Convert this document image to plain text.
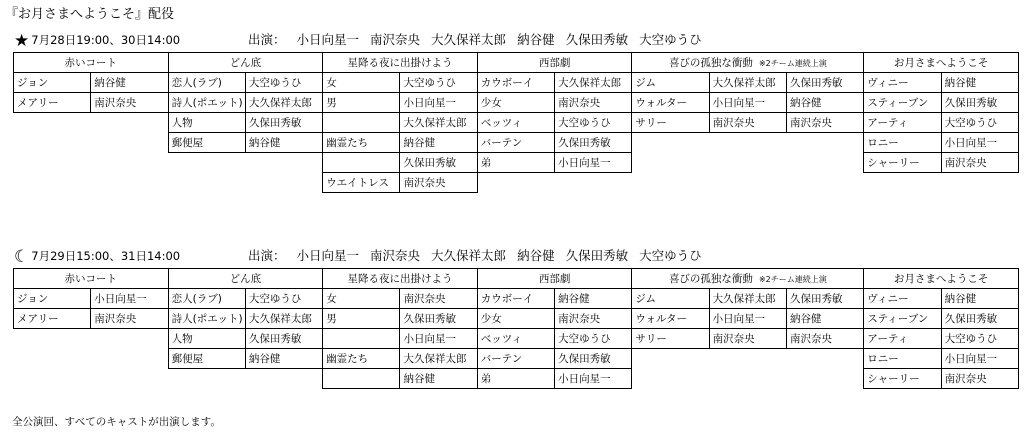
『お月さまへようこそ』配役
★ 7月28日19:00、30日14:00	出演： 小日向星一 南沢奈央 大久保祥太郎 納谷健 久保田秀敏 大空ゆうひ
赤いコート		どん底		星降る夜に出掛けよう		西部劇		喜びの孤独な衝動 ※2チーム連続上演			お月さまへようこそ	
ジョン	納谷健	恋人(ラブ)	大空ゆうひ	女	大空ゆうひ	カウボーイ	大久保祥太郎	ジム	大久保祥太郎	久保田秀敏	ヴィニー	納谷健
メアリー	南沢奈央	詩人(ポエット)	大久保祥太郎	男	小日向星一	少女	南沢奈央	ウォルター	小日向星一	納谷健	スティーブン	久保田秀敏
		人物	久保田秀敏		大久保祥太郎	ベッツィ	大空ゆうひ	サリー	南沢奈央	南沢奈央	アーティ	大空ゆうひ
		郵便屋	納谷健	幽霊たち	納谷健	バーテン	久保田秀敏				ロニー	小日向星一
					久保田秀敏	弟	小日向星一				シャーリー	南沢奈央
				ウエイトレス	南沢奈央							
☾ 7月29日15:00、31日14:00	出演： 小日向星一 南沢奈央 大久保祥太郎 納谷健 久保田秀敏 大空ゆうひ
赤いコート		どん底		星降る夜に出掛けよう		西部劇		喜びの孤独な衝動 ※2チーム連続上演			お月さまへようこそ	
ジョン	小日向星一	恋人(ラブ)	大空ゆうひ	女	南沢奈央	カウボーイ	納谷健	ジム	大久保祥太郎	久保田秀敏	ヴィニー	納谷健
メアリー	南沢奈央	詩人(ポエット)	大久保祥太郎	男	久保田秀敏	少女	南沢奈央	ウォルター	小日向星一	納谷健	スティーブン	久保田秀敏
		人物	久保田秀敏		小日向星一	ベッツィ	大空ゆうひ	サリー	南沢奈央	南沢奈央	アーティ	大空ゆうひ
		郵便屋	納谷健	幽霊たち	大久保祥太郎	バーテン	久保田秀敏				ロニー	小日向星一
					納谷健	弟	小日向星一				シャーリー	南沢奈央
全公演回、すべてのキャストが出演します。
